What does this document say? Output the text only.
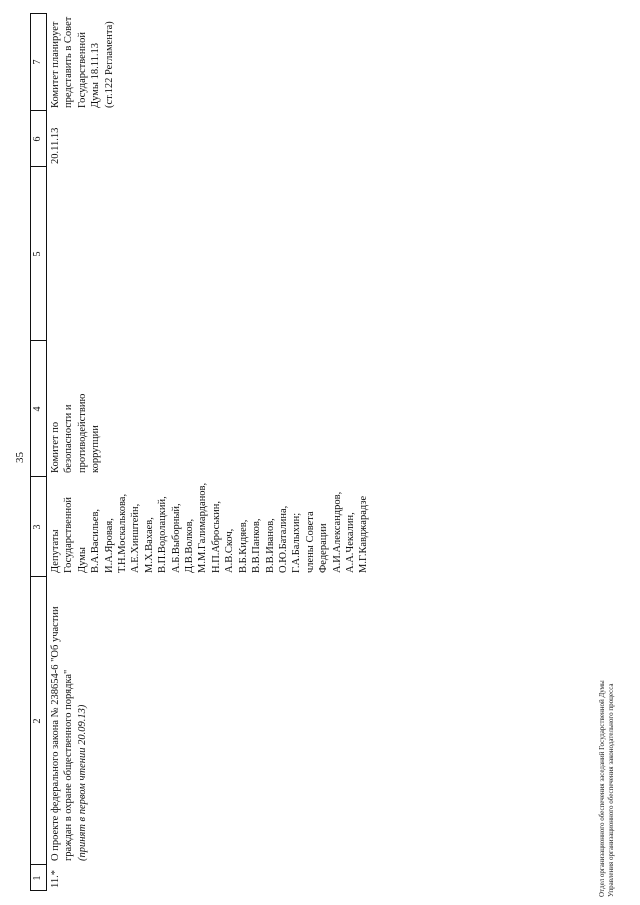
35
1
2
3
4
5
6
7
11.*
О проекте федерального закона № 238654-6 "Об участии граждан в охране общественного порядка" (принят в первом чтении 20.09.13)
Депутаты
Государственной
Думы
В.А.Васильев,
И.А.Яровая,
Т.Н.Москалькова,
А.Е.Хинштейн,
М.Х.Вахаев,
В.П.Водолацкий,
А.Б.Выборный,
Д.В.Волков,
М.М.Галимарданов,
Н.П.Аброськин,
А.В.Скоч,
В.Б.Кидяев,
В.В.Панков,
В.В.Иванов,
О.Ю.Баталина,
Г.А.Балыхин;
члены Совета
Федерации
А.И.Александров,
А.А.Чекалин,
М.Г.Кавджарадзе
Комитет по
безопасности и
противодействию
коррупции
20.11.13
Комитет планирует
представить в Совет
Государственной
Думы 18.11.13
(ст.122 Регламента)
Отдел организационного обеспечения заседаний Государственной Думы Управления организационного обеспечения законодательного процесса
